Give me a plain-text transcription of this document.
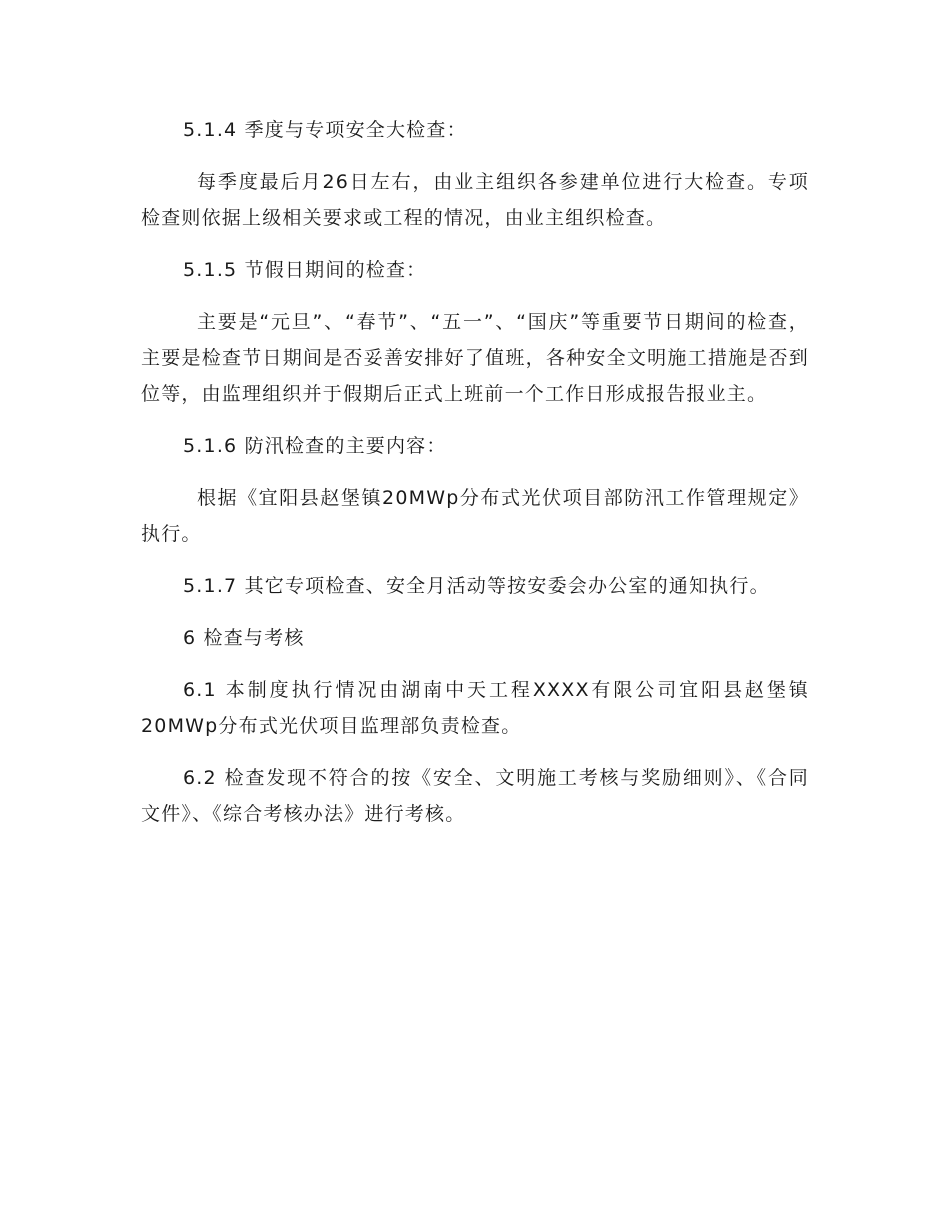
5.1.4 季度与专项安全大检查：

每季度最后月26日左右，由业主组织各参建单位进行大检查。专项检查则依据上级相关要求或工程的情况，由业主组织检查。

5.1.5 节假日期间的检查：

主要是“元旦”、“春节”、“五一”、“国庆”等重要节日期间的检查，主要是检查节日期间是否妥善安排好了值班，各种安全文明施工措施是否到位等，由监理组织并于假期后正式上班前一个工作日形成报告报业主。

5.1.6 防汛检查的主要内容：

根据《宜阳县赵堡镇20MWp分布式光伏项目部防汛工作管理规定》执行。

5.1.7 其它专项检查、安全月活动等按安委会办公室的通知执行。

6 检查与考核

6.1 本制度执行情况由湖南中天工程XXXX有限公司宜阳县赵堡镇20MWp分布式光伏项目监理部负责检查。

6.2 检查发现不符合的按《安全、文明施工考核与奖励细则》、《合同文件》、《综合考核办法》进行考核。
